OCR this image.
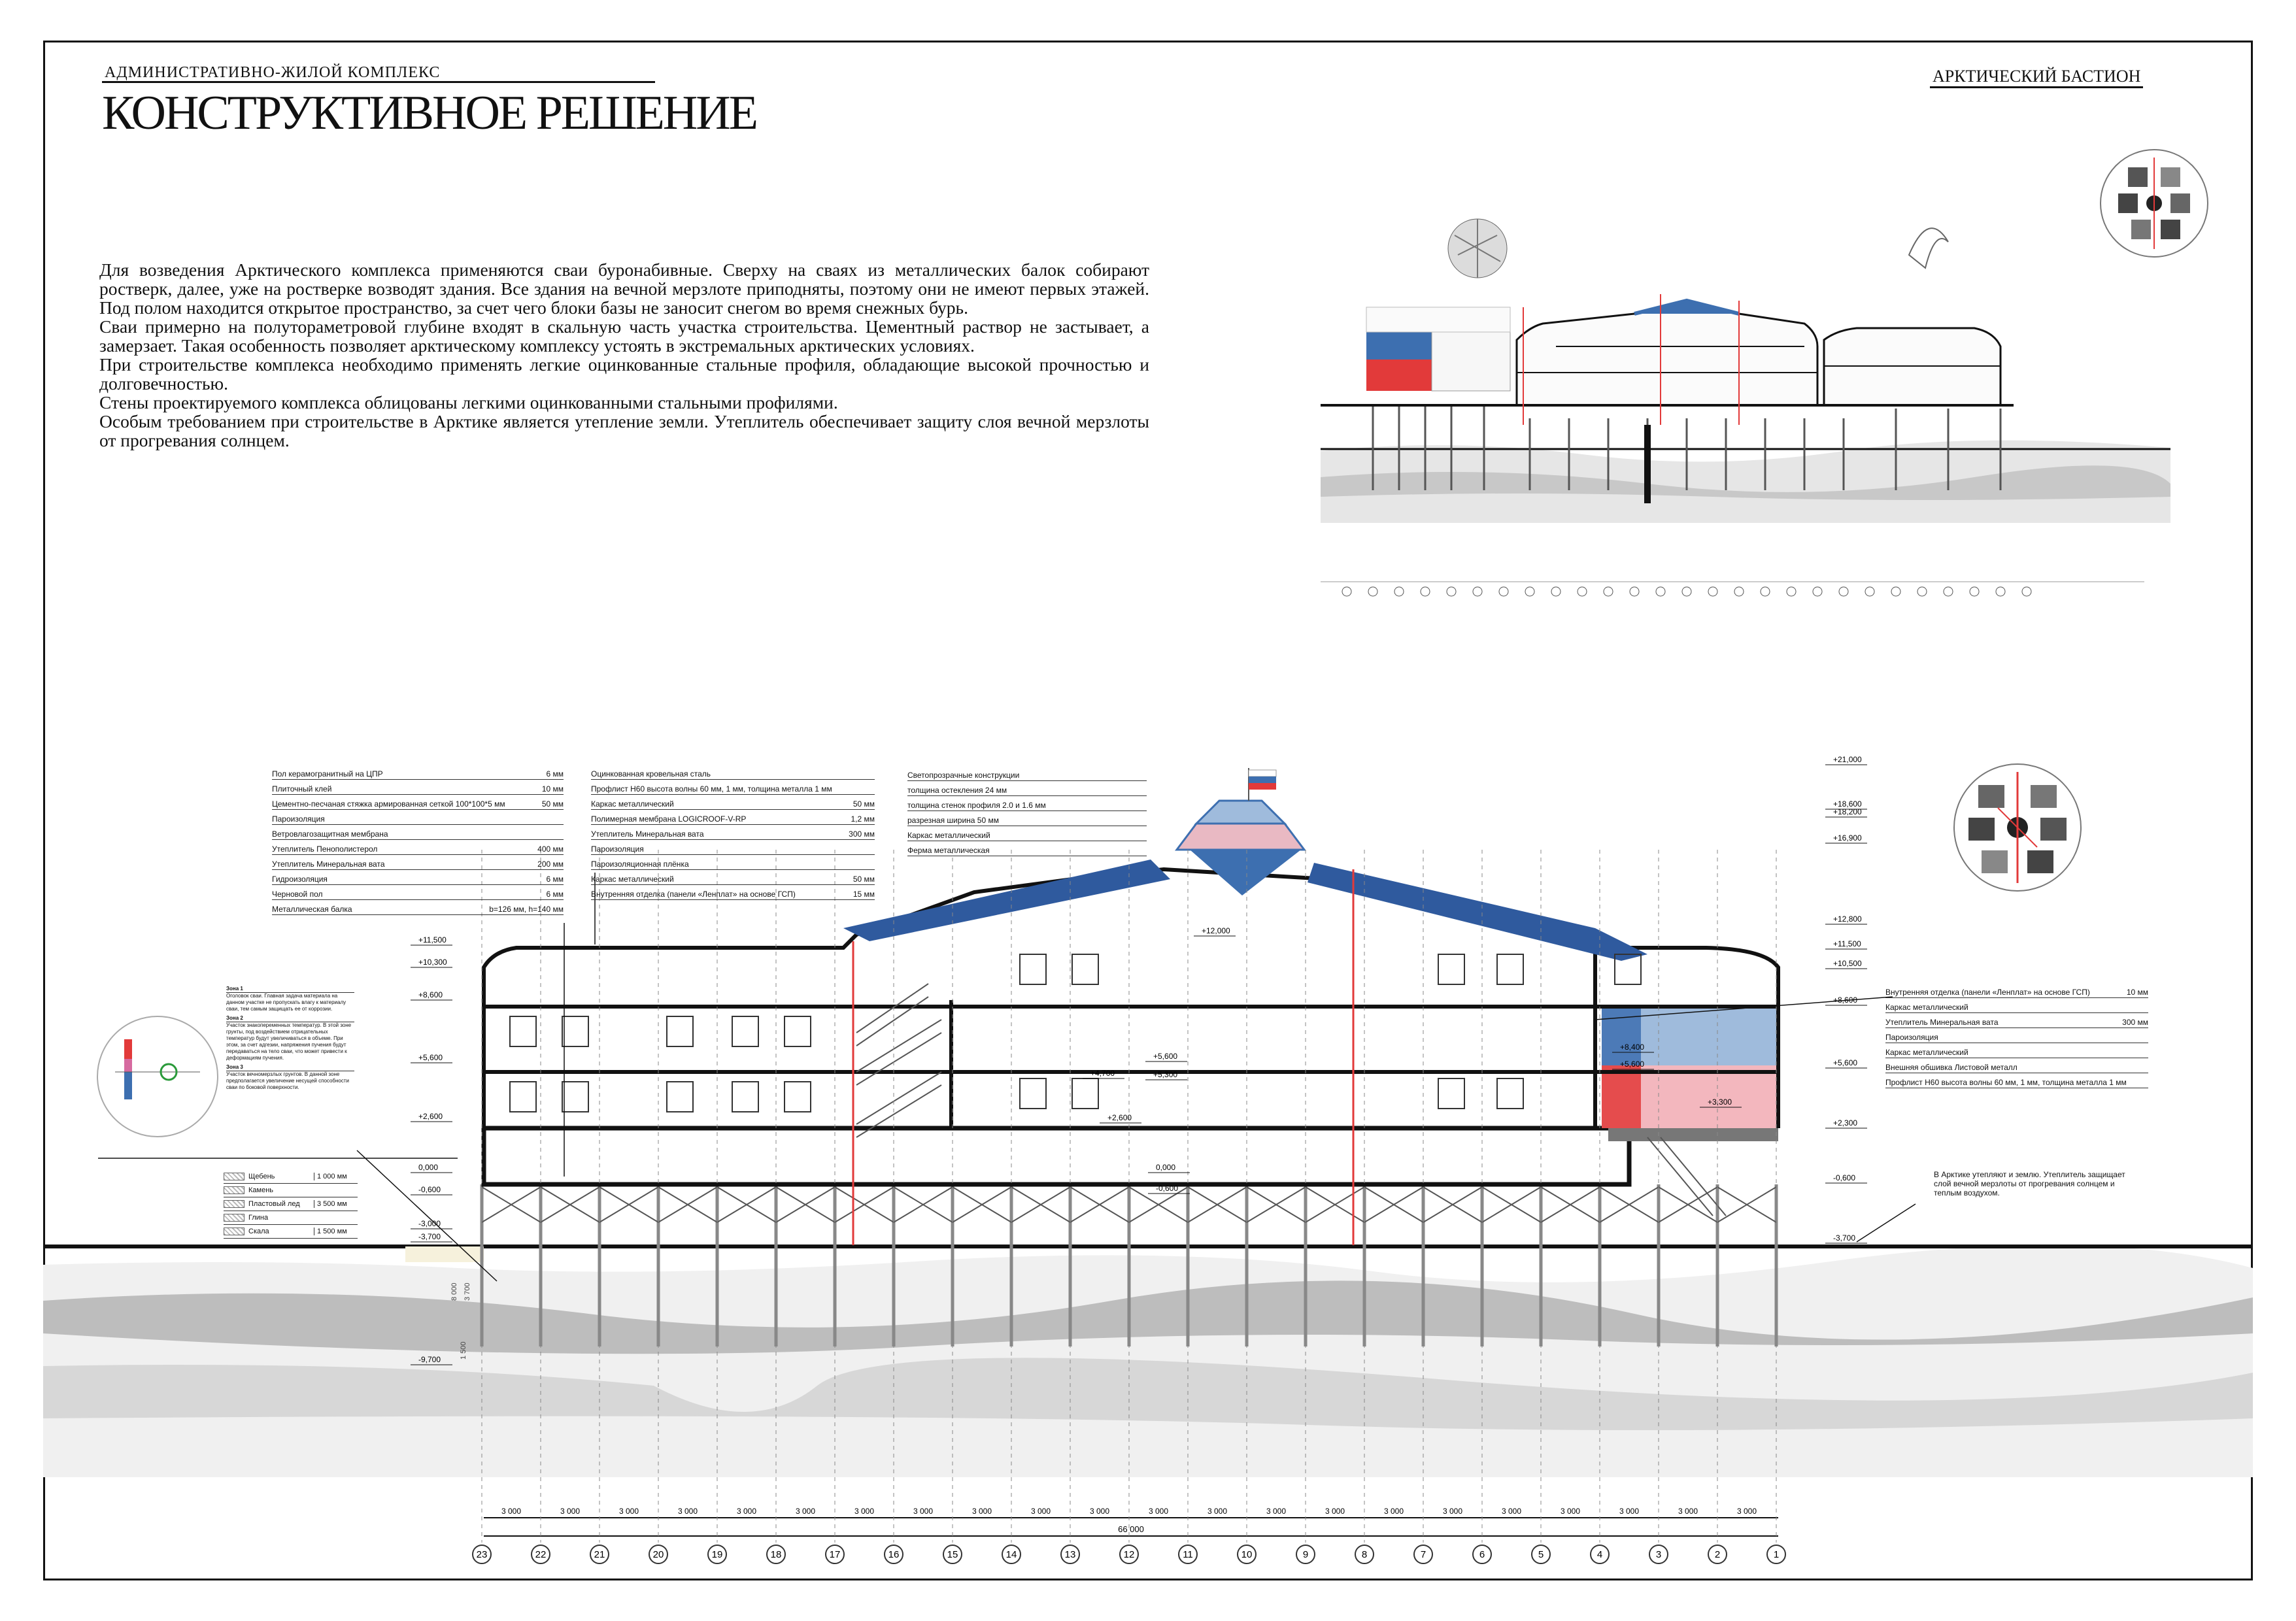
АДМИНИСТРАТИВНО-ЖИЛОЙ КОМПЛЕКС
КОНСТРУКТИВНОЕ РЕШЕНИЕ
АРКТИЧЕСКИЙ БАСТИОН

Для возведения Арктического комплекса применяются сваи буронабивные. Сверху на сваях из металлических балок собирают ростверк, далее, уже на ростверке возводят здания. Все здания на вечной мерзлоте приподняты, поэтому они не имеют первых этажей. Под полом находится открытое пространство, за счет чего блоки базы не заносит снегом во время снежных бурь.

Сваи примерно на полутораметровой глубине входят в скальную часть участка строительства. Цементный раствор не застывает, а замерзает. Такая особенность позволяет арктическому комплексу устоять в экстремальных арктических условиях.

При строительстве комплекса необходимо применять легкие оцинкованные стальные профиля, обладающие высокой прочностью и долговечностью.

Стены проектируемого комплекса облицованы легкими оцинкованными стальными профилями.

Особым требованием при строительстве в Арктике является утепление земли. Утеплитель обеспечивает защиту слоя вечной мерзлоты от прогревания солнцем.

23
3 000
22
3 000
21
3 000
20
3 000
19
3 000
18
3 000
17
3 000
16
3 000
15
3 000
14
3 000
13
3 000
12
3 000
11
3 000
10
3 000
9
3 000
8
3 000
7
3 000
6
3 000
5
3 000
4
3 000
3
3 000
2
3 000
1
+11,500
+10,300
+8,600
+5,600
+2,600
0,000
-0,600
-3,000
-3,700
-9,700
+21,000
+18,600
+18,200
+16,900
+12,800
+11,500
+10,500
+8,600
+5,600
+2,300
-0,600
-3,700
+12,000
+5,600
+5,300
+4,700
+2,600
0,000
-0,600
+8,400
+5,600
+3,300
8 000 3 700
1 500
66 000
Пол керамогранитный на ЦПР	6 мм
Плиточный клей	10 мм
Цементно-песчаная стяжка армированная сеткой 100*100*5 мм	50 мм
Пароизоляция
Ветровлагозащитная мембрана
Утеплитель Пенополистерол	400 мм
Утеплитель Минеральная вата	200 мм
Гидроизоляция	6 мм
Черновой пол	6 мм
Металлическая балка	b=126 мм, h=140 мм
Оцинкованная кровельная сталь
Профлист Н60 высота волны 60 мм, 1 мм, толщина металла 1 мм
Каркас металлический	50 мм
Полимерная мембрана LOGICROOF-V-RP	1,2 мм
Утеплитель Минеральная вата	300 мм
Пароизоляция
Пароизоляционная плёнка
Каркас металлический	50 мм
Внутренняя отделка (панели «Ленплат» на основе ГСП)	15 мм
Светопрозрачные конструкции
толщина остекления 24 мм
толщина стенок профиля 2.0 и 1.6 мм
разрезная ширина 50 мм
Каркас металлический
Ферма металлическая
Внутренняя отделка (панели «Ленплат» на основе ГСП)	10 мм
Каркас металлический
Утеплитель Минеральная вата	300 мм
Пароизоляция
Каркас металлический
Внешняя обшивка Листовой металл
Профлист Н60 высота волны 60 мм, 1 мм, толщина металла 1 мм
Зона 1
Оголовок сваи. Главная задача материала на данном участке не пропускать влагу к материалу сваи, тем самым защищать ее от коррозии.
Зона 2
Участок знакопеременных температур. В этой зоне грунты, под воздействием отрицательных температур будут увеличиваться в объеме. При этом, за счет адгезии, напряжения пучения будут передаваться на тело сваи, что может привести к деформациям пучения.
Зона 3
Участок вечномерзлых грунтов. В данной зоне предполагается увеличение несущей способности сваи по боковой поверхности.
Щебень	1 000 мм
Камень
Пластовый лед	3 500 мм
Глина
Скала	1 500 мм
В Арктике утепляют и землю. Утеплитель защищает слой вечной мерзлоты от прогревания солнцем и теплым воздухом.
